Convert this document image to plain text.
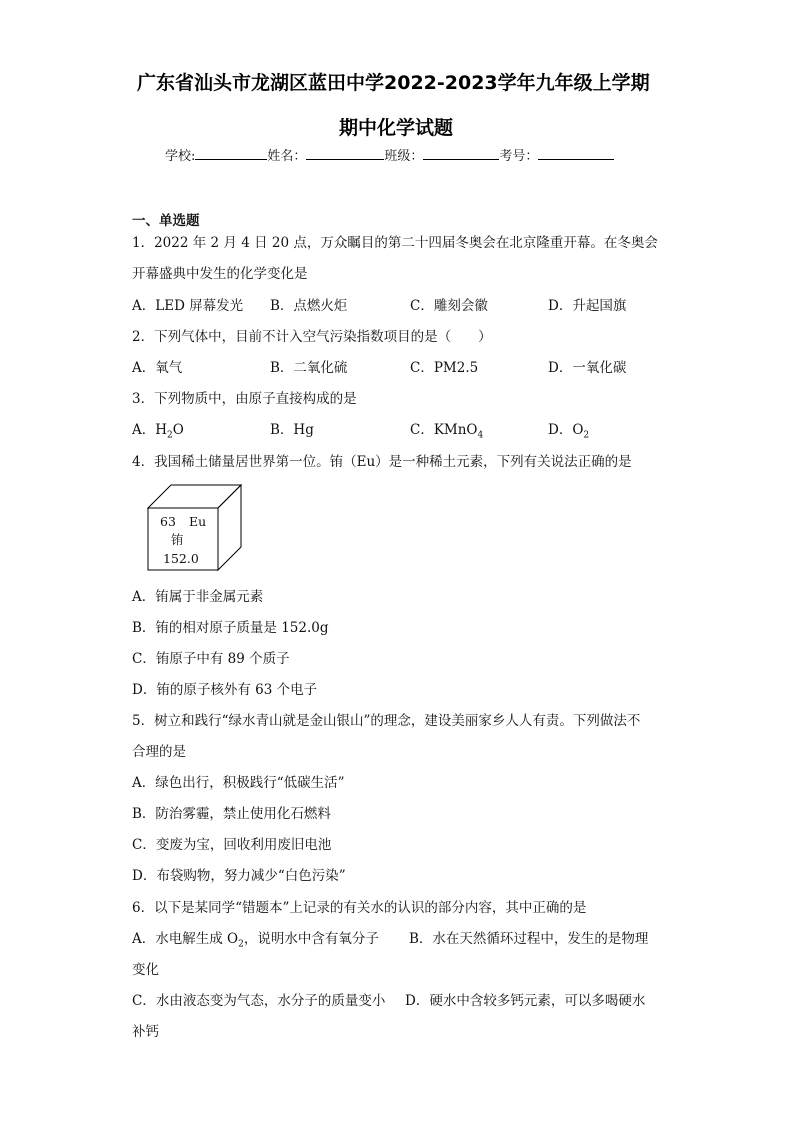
广东省汕头市龙湖区蓝田中学2022-2023学年九年级上学期
期中化学试题
学校:	姓名：	班级：	考号：
一、单选题
1．2022 年 2 月 4 日 20 点，万众瞩目的第二十四届冬奥会在北京隆重开幕。在冬奥会
开幕盛典中发生的化学变化是
A．LED 屏幕发光 B．点燃火炬	C．雕刻会徽	D．升起国旗
2．下列气体中，目前不计入空气污染指数项目的是（　　）
A．氧气	B．二氧化硫	C．PM2.5	D．一氧化碳
3．下列物质中，由原子直接构成的是
A．$H_2O$	B．Hg	C．KMnO$_4$	D．$O_2$
4．我国稀土储量居世界第一位。铕（Eu）是一种稀土元素，下列有关说法正确的是
63 Eu
铕
152.0
A．铕属于非金属元素
B．铕的相对原子质量是 152.0g
C．铕原子中有 89 个质子
D．铕的原子核外有 63 个电子
5．树立和践行“绿水青山就是金山银山”的理念，建设美丽家乡人人有责。下列做法不
合理的是
A．绿色出行，积极践行“低碳生活”
B．防治雾霾，禁止使用化石燃料
C．变废为宝，回收利用废旧电池
D．布袋购物，努力减少“白色污染”
6．以下是某同学“错题本”上记录的有关水的认识的部分内容，其中正确的是
A．水电解生成 $O_2$，说明水中含有氧分子 B．水在天然循环过程中，发生的是物理
变化
C．水由液态变为气态，水分子的质量变小 D．硬水中含较多钙元素，可以多喝硬水
补钙
